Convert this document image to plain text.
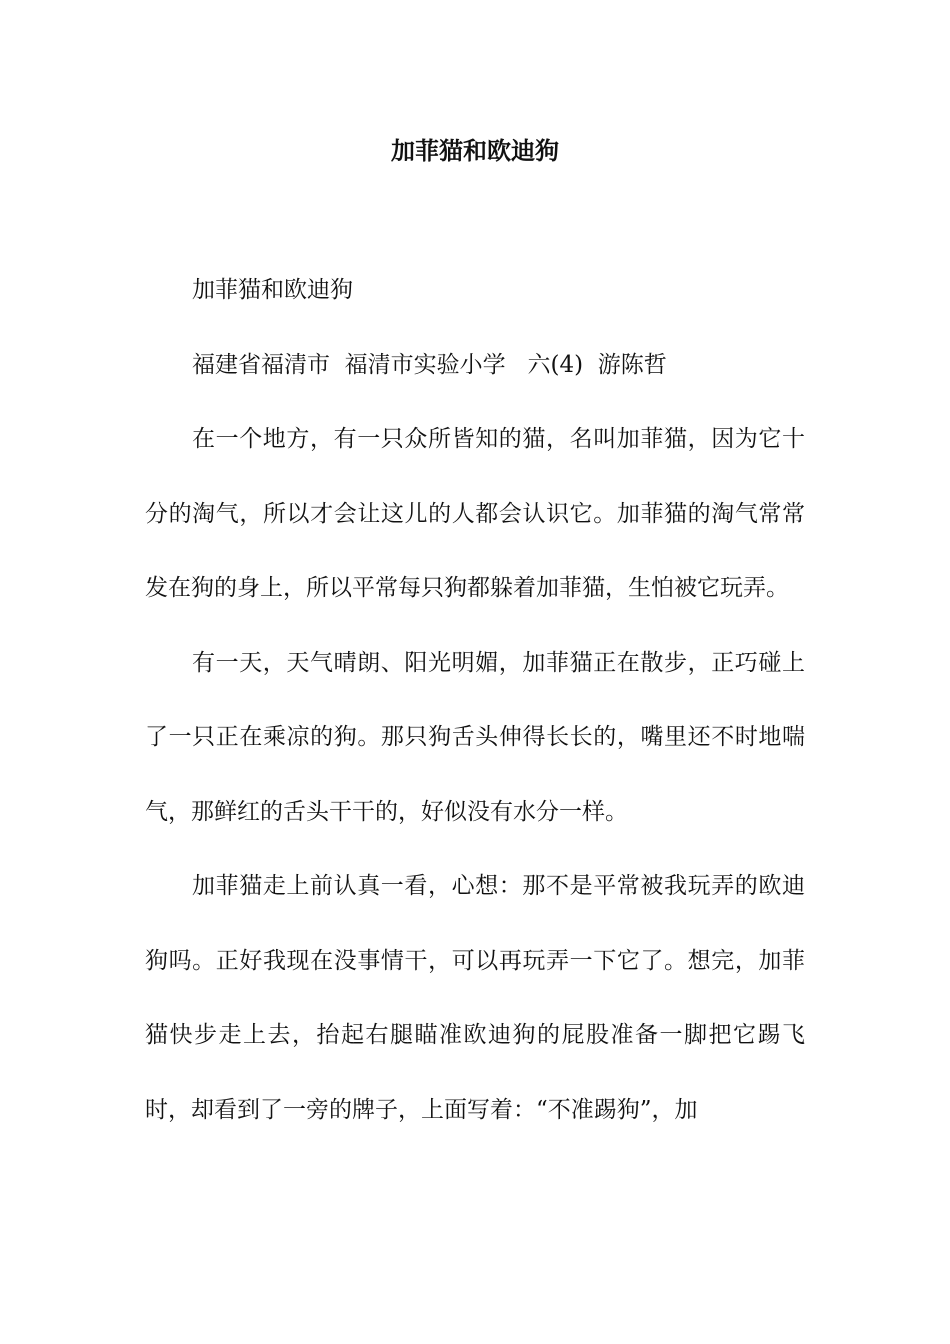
加菲猫和欧迪狗

加菲猫和欧迪狗

福建省福清市  福清市实验小学   六(4)  游陈哲

在一个地方，有一只众所皆知的猫，名叫加菲猫，因为它十分的淘气，所以才会让这儿的人都会认识它。加菲猫的淘气常常发在狗的身上，所以平常每只狗都躲着加菲猫，生怕被它玩弄。

有一天，天气晴朗、阳光明媚，加菲猫正在散步，正巧碰上了一只正在乘凉的狗。那只狗舌头伸得长长的，嘴里还不时地喘气，那鲜红的舌头干干的，好似没有水分一样。

加菲猫走上前认真一看，心想：那不是平常被我玩弄的欧迪狗吗。正好我现在没事情干，可以再玩弄一下它了。想完，加菲猫快步走上去，抬起右腿瞄准欧迪狗的屁股准备一脚把它踢飞时，却看到了一旁的牌子，上面写着：“不准踢狗”，加
